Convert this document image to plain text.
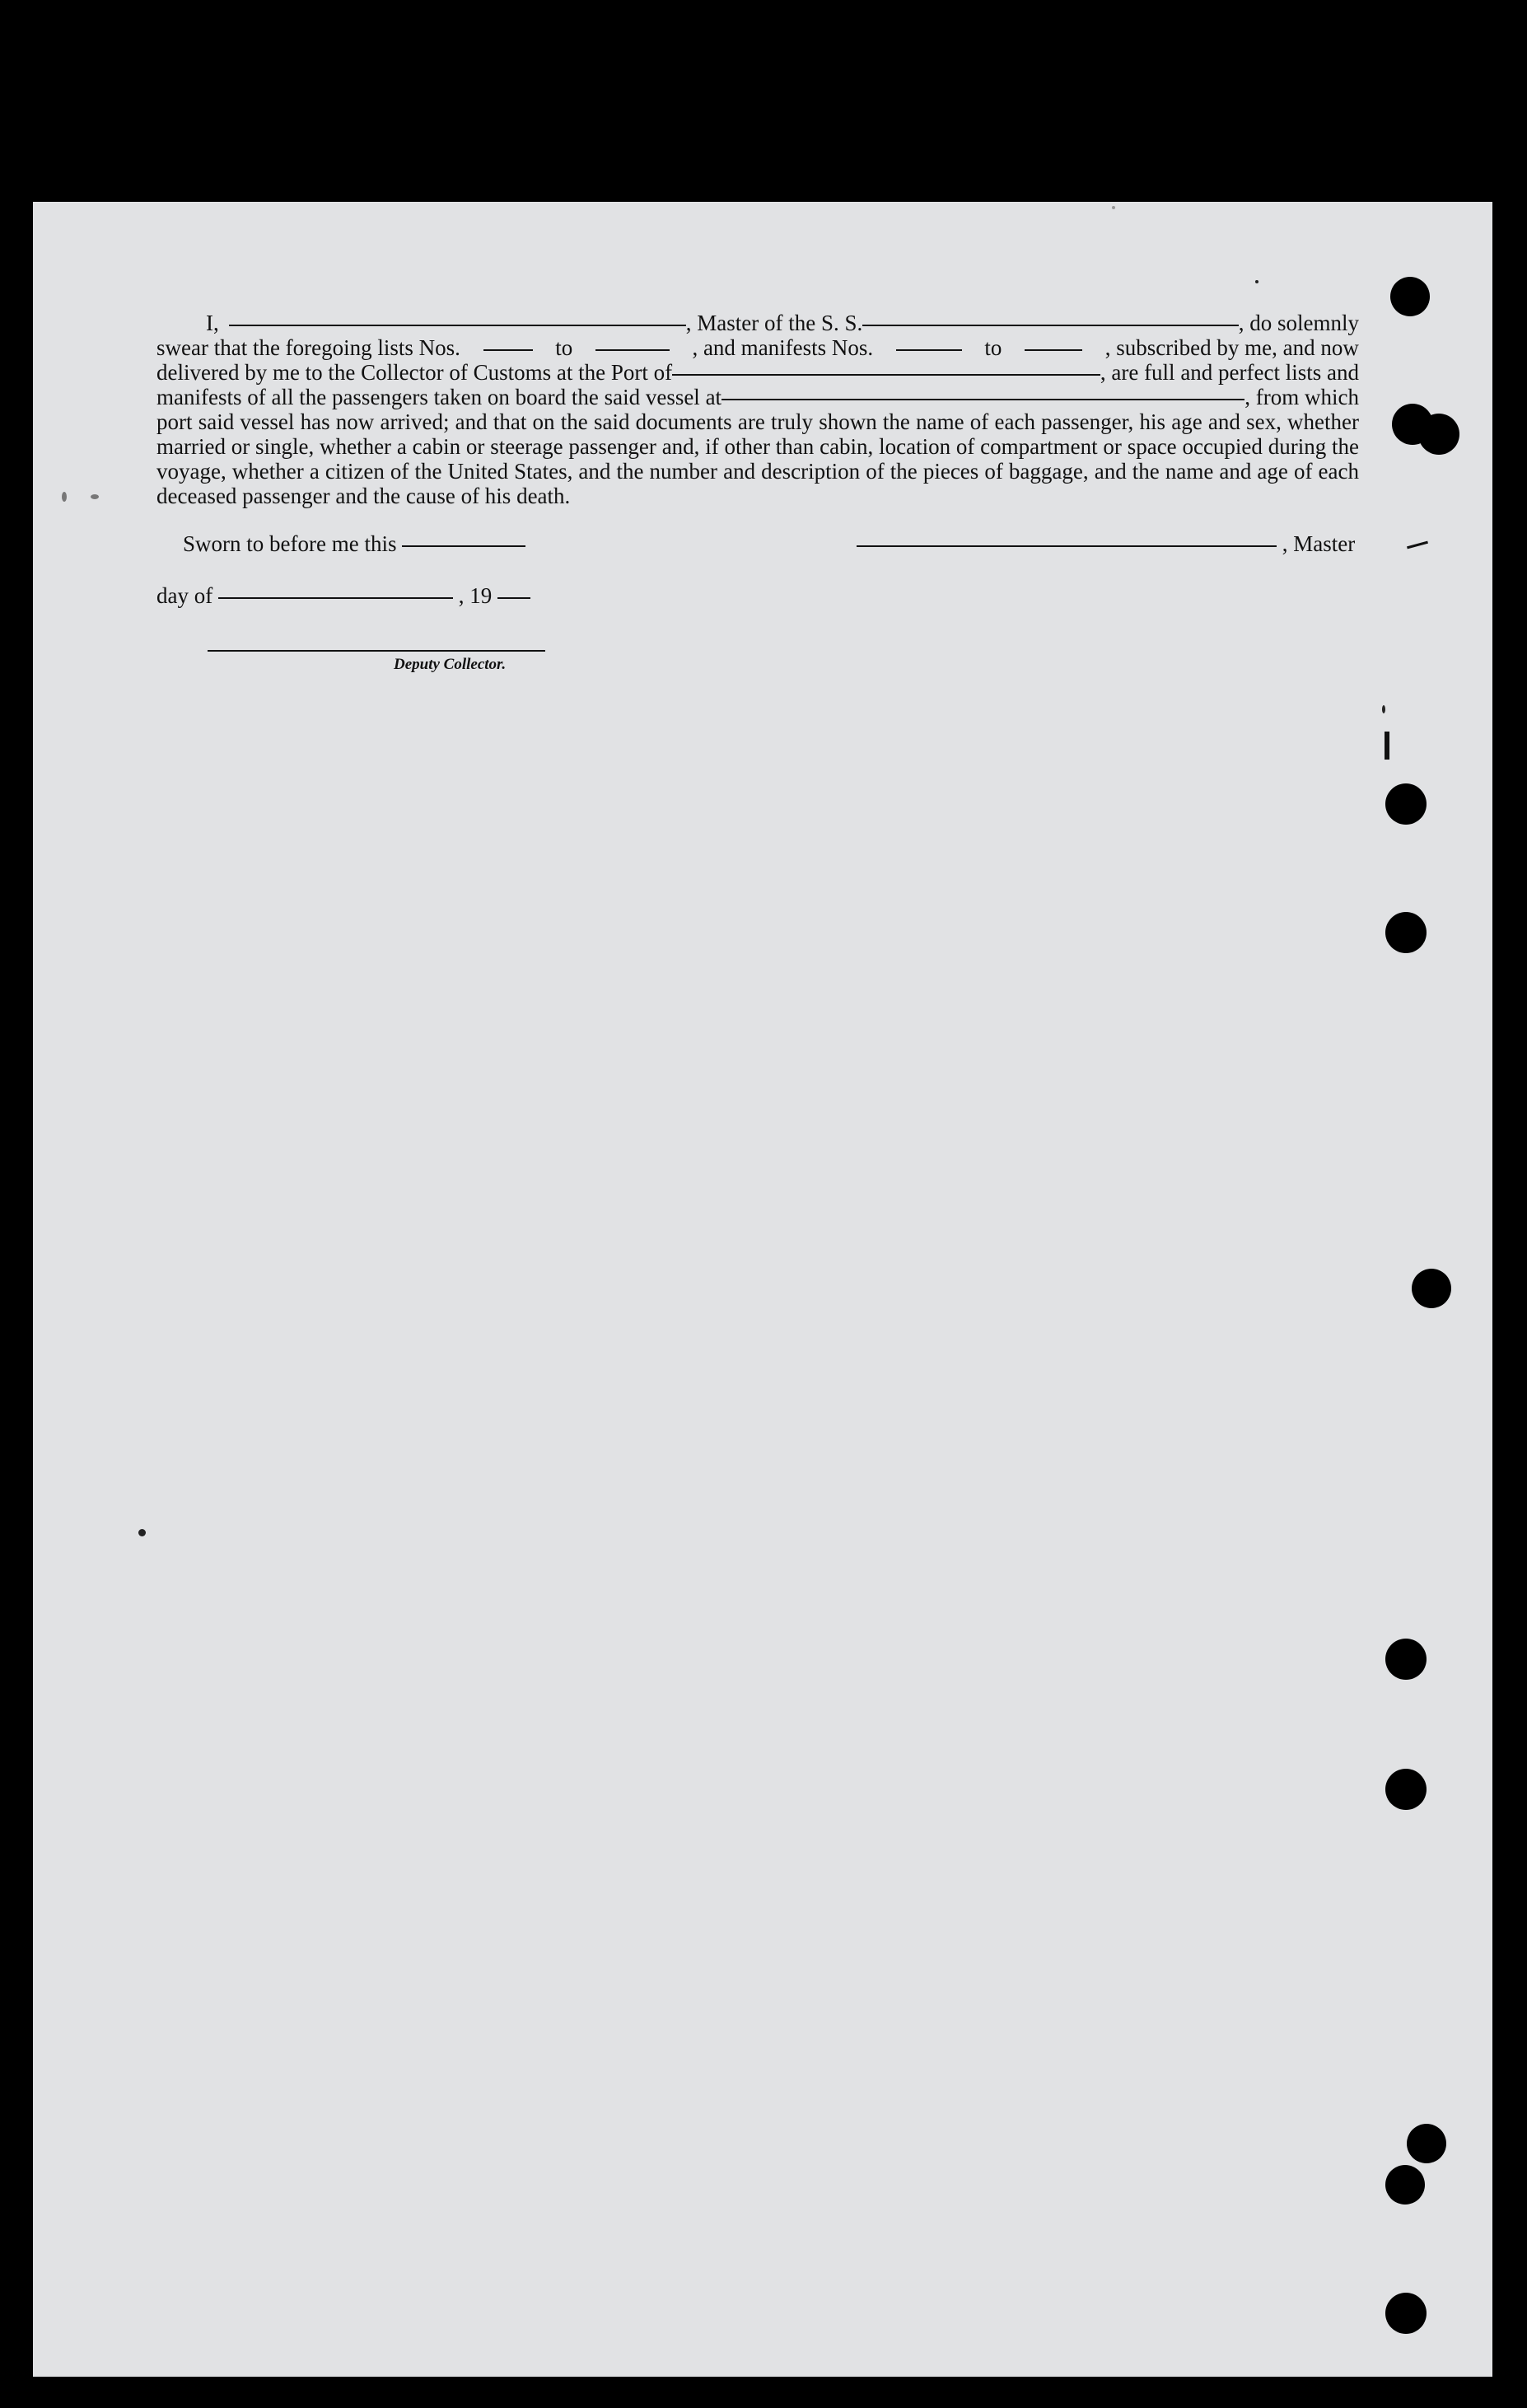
I,	, Master of the S. S.	, do solemnly
swear that the foregoing lists Nos.	to	, and manifests Nos.	to	, subscribed by me, and now
delivered by me to the Collector of Customs at the Port of	, are full and perfect lists and
manifests of all the passengers taken on board the said vessel at	, from which

port said vessel has now arrived; and that on the said documents are truly shown the name of each passenger, his age and sex, whether married or single, whether a cabin or steerage passenger and, if other than cabin, location of compartment or space occupied during the voyage, whether a citizen of the United States, and the number and description of the pieces of baggage, and the name and age of each deceased passenger and the cause of his death.

Sworn to before me this	, Master
day of	, 19
Deputy Collector.
